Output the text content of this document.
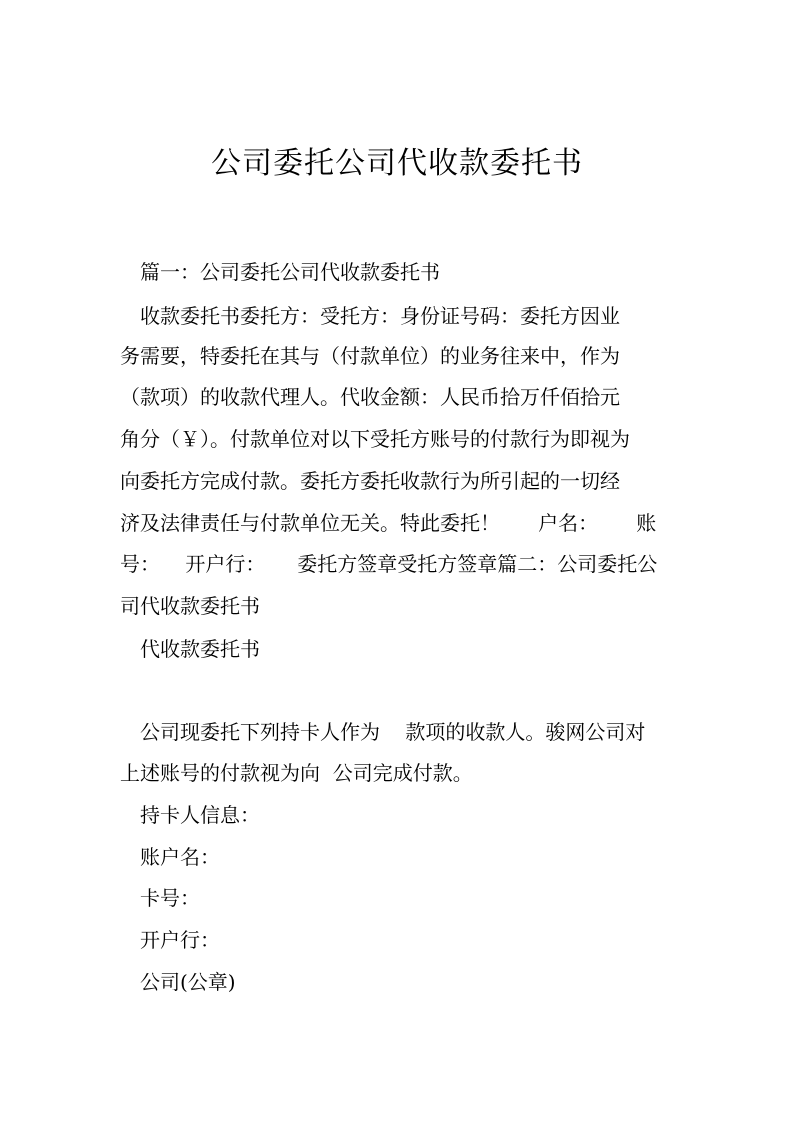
公司委托公司代收款委托书
篇一：公司委托公司代收款委托书
收款委托书委托方：受托方：身份证号码：委托方因业
务需要，特委托在其与（付款单位）的业务往来中，作为
（款项）的收款代理人。代收金额：人民币拾万仟佰拾元
角分（￥）。付款单位对以下受托方账号的付款行为即视为
向委托方完成付款。委托方委托收款行为所引起的一切经
济及法律责任与付款单位无关。特此委托！      户名：      账
号：    开户行：     委托方签章受托方签章篇二：公司委托公
司代收款委托书
代收款委托书
公司现委托下列持卡人作为    款项的收款人。骏网公司对
上述账号的付款视为向  公司完成付款。
持卡人信息：
账户名：
卡号：
开户行：
公司(公章)
